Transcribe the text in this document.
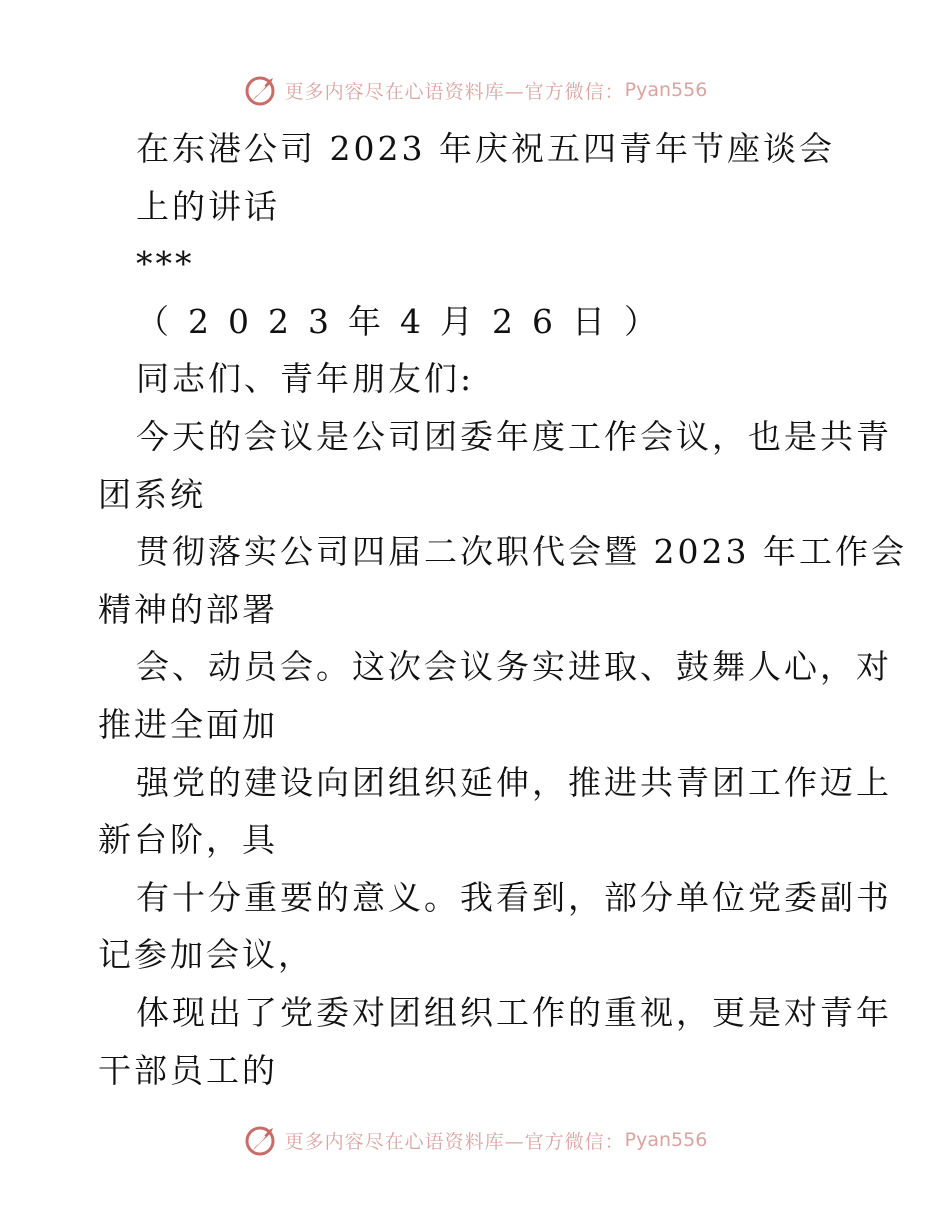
更多内容尽在心语资料库—官方微信： Pyan556
在东港公司 2023 年庆祝五四青年节座谈会
上的讲话
***
（2023年4月26日）
同志们、青年朋友们:
今天的会议是公司团委年度工作会议，也是共青
团系统
贯彻落实公司四届二次职代会暨 2023 年工作会
精神的部署
会、动员会。这次会议务实进取、鼓舞人心，对
推进全面加
强党的建设向团组织延伸，推进共青团工作迈上
新台阶，具
有十分重要的意义。我看到，部分单位党委副书
记参加会议，
体现出了党委对团组织工作的重视，更是对青年
干部员工的
更多内容尽在心语资料库—官方微信： Pyan556
